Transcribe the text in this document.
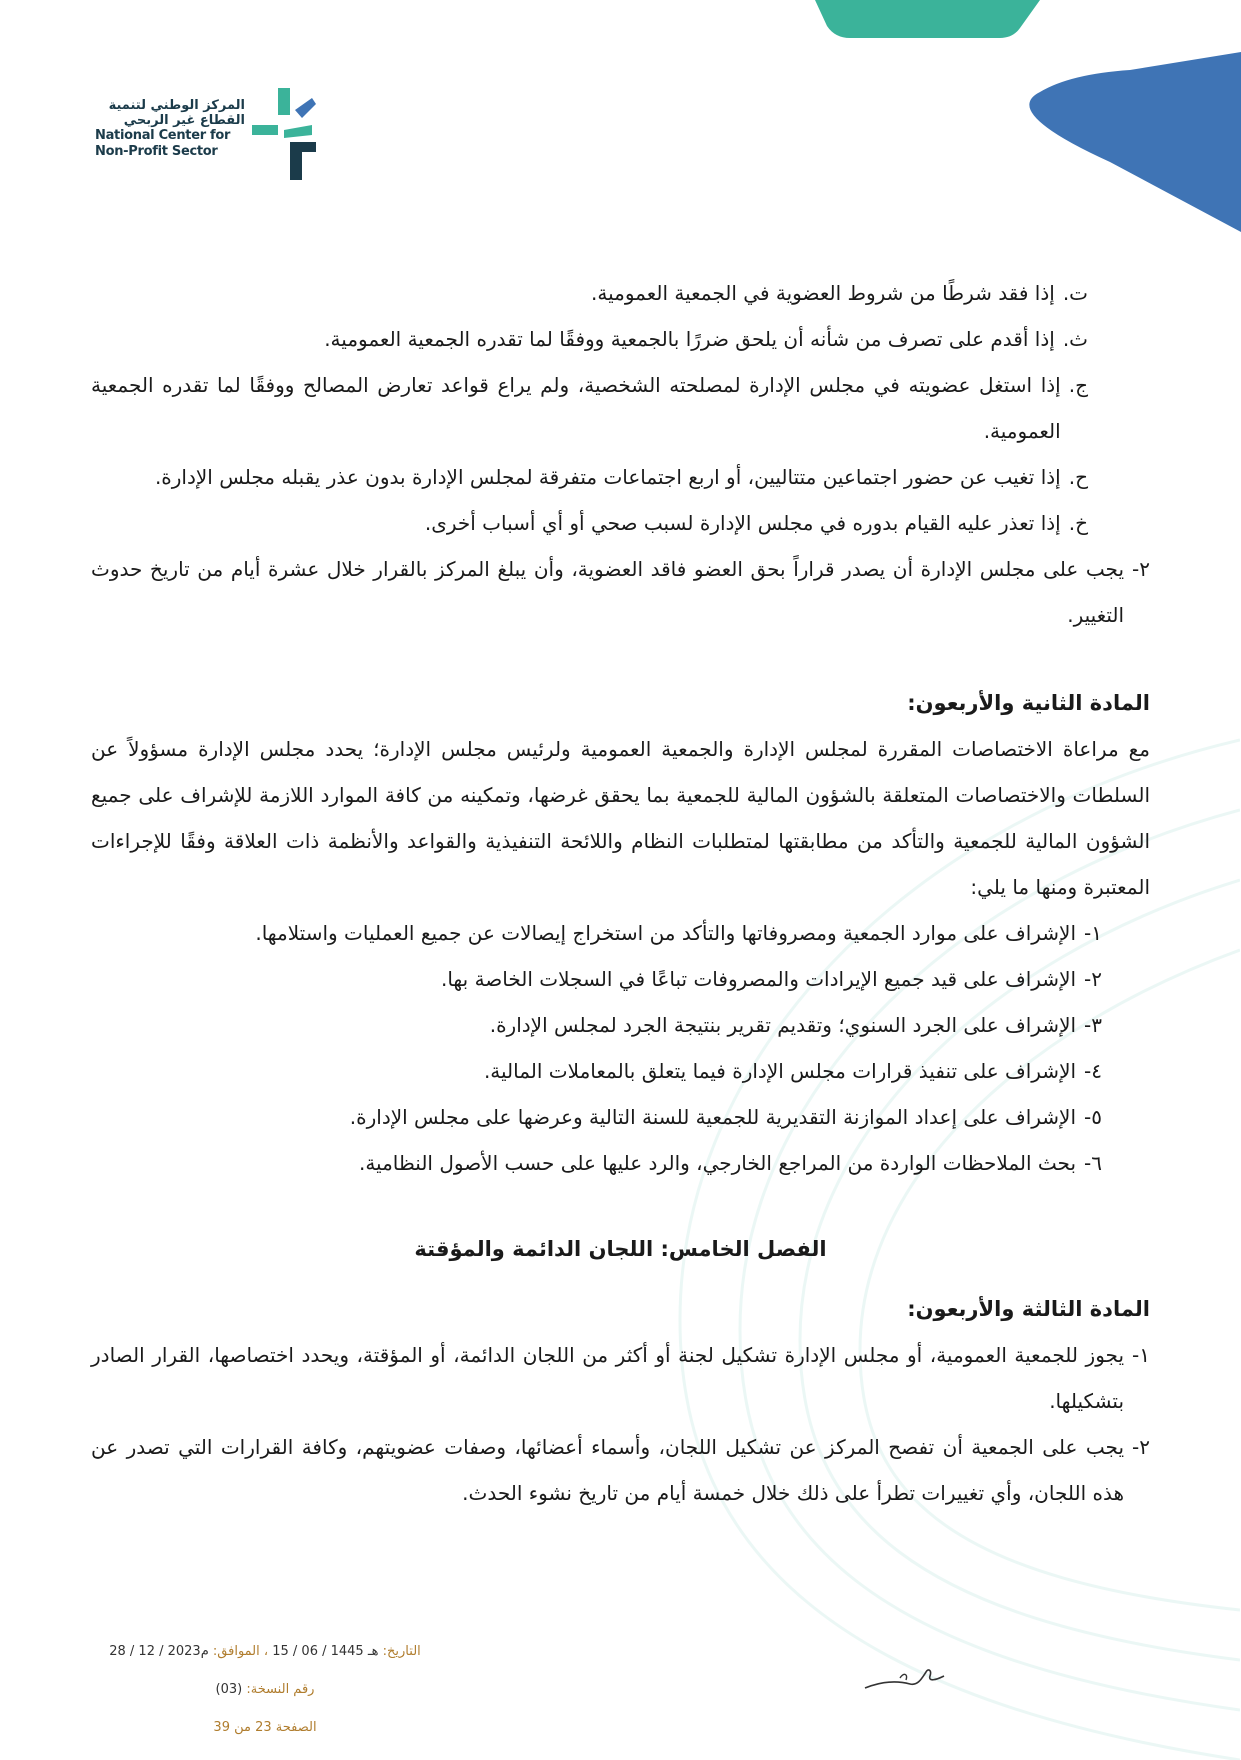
المركز الوطني لتنمية
القطاع غير الربحي
National Center for
Non-Profit Sector
ت.
إذا فقد شرطًا من شروط العضوية في الجمعية العمومية.
ث.
إذا أقدم على تصرف من شأنه أن يلحق ضررًا بالجمعية ووفقًا لما تقدره الجمعية العمومية.
ج.
إذا استغل عضويته في مجلس الإدارة لمصلحته الشخصية، ولم يراع قواعد تعارض المصالح ووفقًا لما تقدره الجمعية العمومية.
ح.
إذا تغيب عن حضور اجتماعين متتاليين، أو اربع اجتماعات متفرقة لمجلس الإدارة بدون عذر يقبله مجلس الإدارة.
خ.
إذا تعذر عليه القيام بدوره في مجلس الإدارة لسبب صحي أو أي أسباب أخرى.
٢-
يجب على مجلس الإدارة أن يصدر قراراً بحق العضو فاقد العضوية، وأن يبلغ المركز بالقرار خلال عشرة أيام من تاريخ حدوث التغيير.
المادة الثانية والأربعون:
مع مراعاة الاختصاصات المقررة لمجلس الإدارة والجمعية العمومية ولرئيس مجلس الإدارة؛ يحدد مجلس الإدارة مسؤولاً عن السلطات والاختصاصات المتعلقة بالشؤون المالية للجمعية بما يحقق غرضها، وتمكينه من كافة الموارد اللازمة للإشراف على جميع الشؤون المالية للجمعية والتأكد من مطابقتها لمتطلبات النظام واللائحة التنفيذية والقواعد والأنظمة ذات العلاقة وفقًا للإجراءات المعتبرة ومنها ما يلي:
١-
الإشراف على موارد الجمعية ومصروفاتها والتأكد من استخراج إيصالات عن جميع العمليات واستلامها.
٢-
الإشراف على قيد جميع الإيرادات والمصروفات تباعًا في السجلات الخاصة بها.
٣-
الإشراف على الجرد السنوي؛ وتقديم تقرير بنتيجة الجرد لمجلس الإدارة.
٤-
الإشراف على تنفيذ قرارات مجلس الإدارة فيما يتعلق بالمعاملات المالية.
٥-
الإشراف على إعداد الموازنة التقديرية للجمعية للسنة التالية وعرضها على مجلس الإدارة.
٦-
بحث الملاحظات الواردة من المراجع الخارجي، والرد عليها على حسب الأصول النظامية.
الفصل الخامس: اللجان الدائمة والمؤقتة
المادة الثالثة والأربعون:
١-
يجوز للجمعية العمومية، أو مجلس الإدارة تشكيل لجنة أو أكثر من اللجان الدائمة، أو المؤقتة، ويحدد اختصاصها، القرار الصادر بتشكيلها.
٢-
يجب على الجمعية أن تفصح المركز عن تشكيل اللجان، وأسماء أعضائها، وصفات عضويتهم، وكافة القرارات التي تصدر عن هذه اللجان، وأي تغييرات تطرأ على ذلك خلال خمسة أيام من تاريخ نشوء الحدث.
التاريخ: 15 / 06 / 1445 هـ ، الموافق: 28 / 12 / 2023م
رقم النسخة: (03)
الصفحة 23 من 39
